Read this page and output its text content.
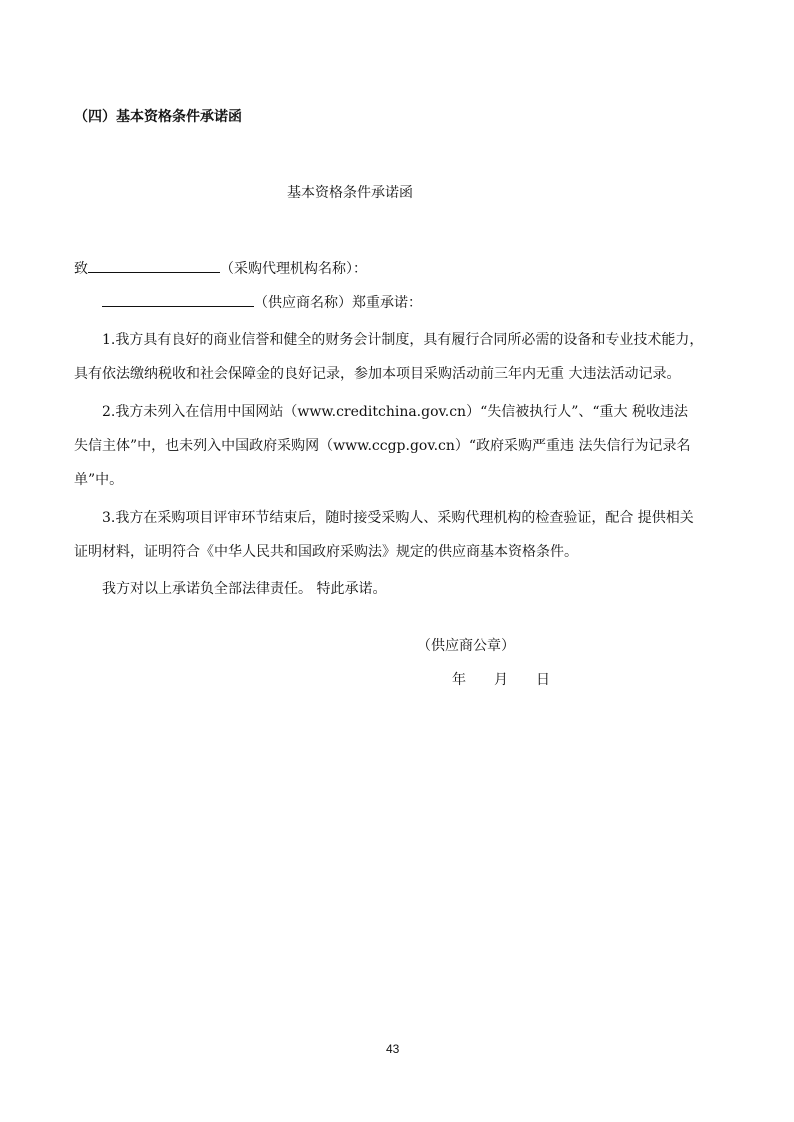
（四）基本资格条件承诺函
基本资格条件承诺函
致	（采购代理机构名称）：
（供应商名称）郑重承诺：
1.我方具有良好的商业信誉和健全的财务会计制度，具有履行合同所必需的设备和专业技术能力，
具有依法缴纳税收和社会保障金的良好记录，参加本项目采购活动前三年内无重 大违法活动记录。
2.我方未列入在信用中国网站（www.creditchina.gov.cn）“失信被执行人”、“重大 税收违法
失信主体”中，也未列入中国政府采购网（www.ccgp.gov.cn）“政府采购严重违 法失信行为记录名
单”中。
3.我方在采购项目评审环节结束后，随时接受采购人、采购代理机构的检查验证，配合 提供相关
证明材料，证明符合《中华人民共和国政府采购法》规定的供应商基本资格条件。
我方对以上承诺负全部法律责任。 特此承诺。
（供应商公章）
年　　月　　日
43
